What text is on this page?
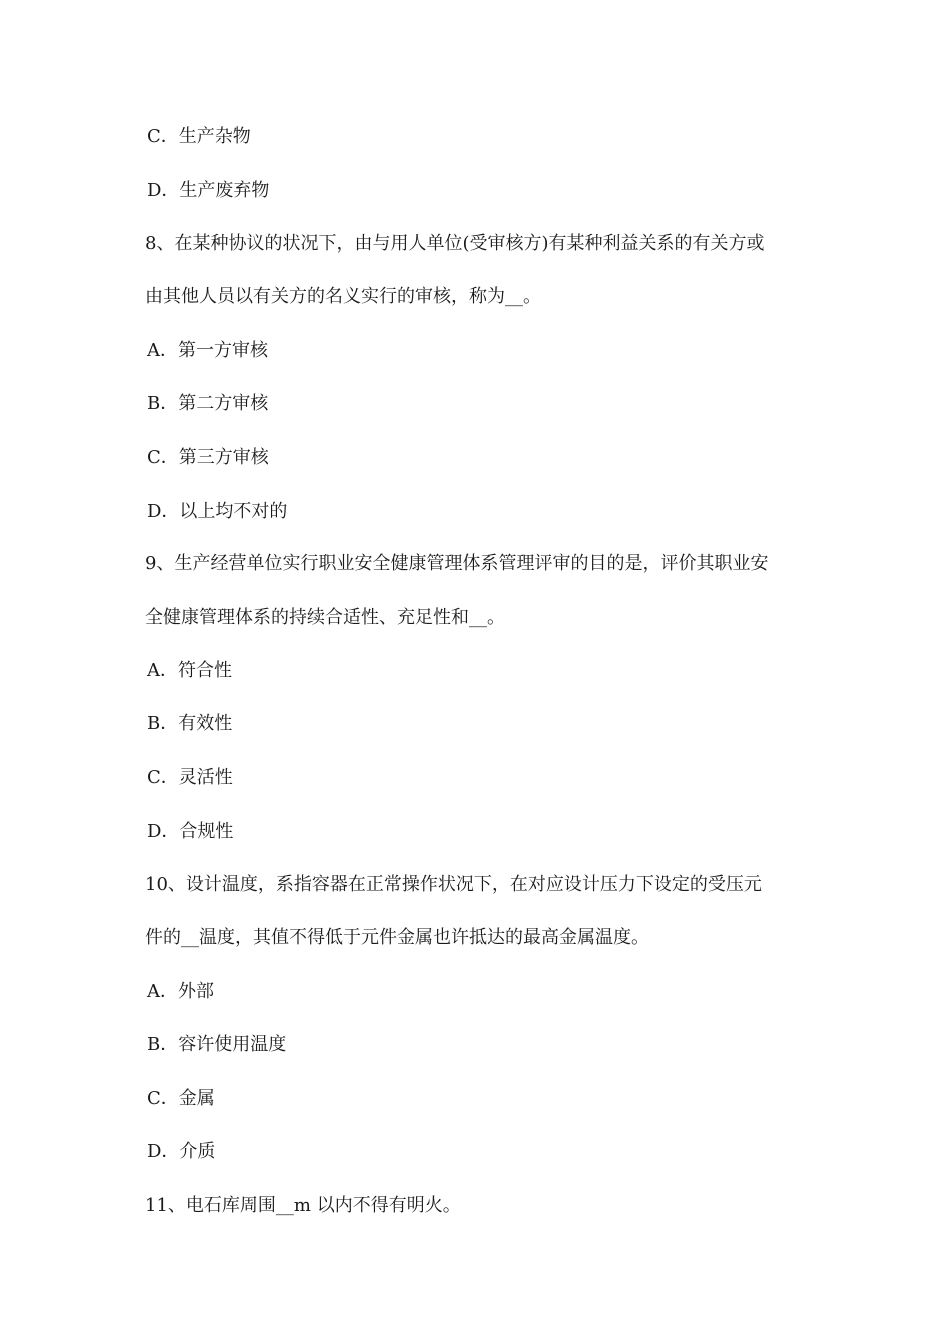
C．生产杂物
D．生产废弃物
8、在某种协议的状况下，由与用人单位(受审核方)有某种利益关系的有关方或
由其他人员以有关方的名义实行的审核，称为__。
A．第一方审核
B．第二方审核
C．第三方审核
D．以上均不对的
9、生产经营单位实行职业安全健康管理体系管理评审的目的是，评价其职业安
全健康管理体系的持续合适性、充足性和__。
A．符合性
B．有效性
C．灵活性
D．合规性
10、设计温度，系指容器在正常操作状况下，在对应设计压力下设定的受压元
件的__温度，其值不得低于元件金属也许抵达的最高金属温度。
A．外部
B．容许使用温度
C．金属
D．介质
11、电石库周围__m 以内不得有明火。
